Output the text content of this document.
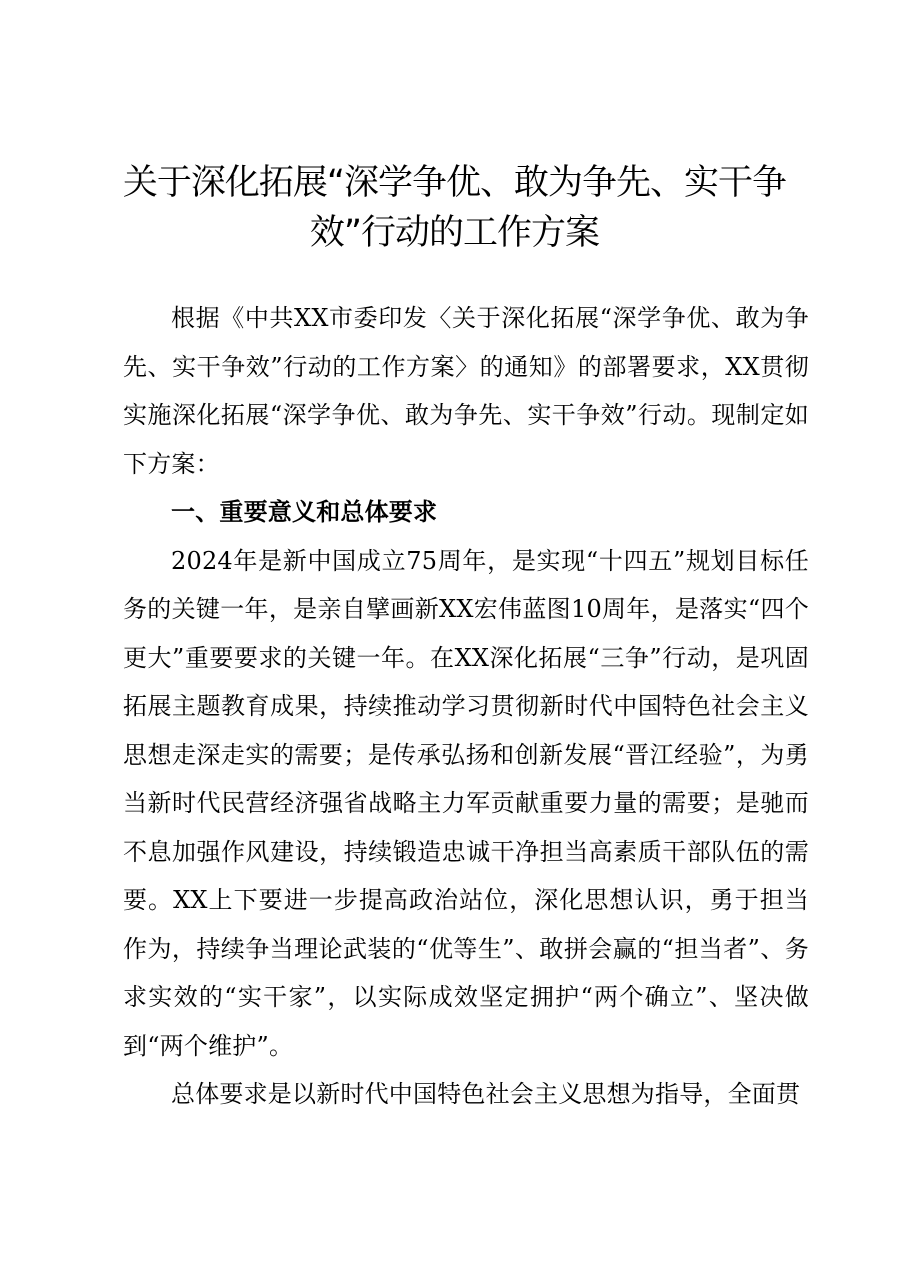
关于深化拓展“深学争优、敢为争先、实干争
效”行动的工作方案

根据《中共XX市委印发〈关于深化拓展“深学争优、敢为争先、实干争效”行动的工作方案〉的通知》的部署要求，XX贯彻实施深化拓展“深学争优、敢为争先、实干争效”行动。现制定如下方案：

一、重要意义和总体要求

2024年是新中国成立75周年，是实现“十四五”规划目标任务的关键一年，是亲自擘画新XX宏伟蓝图10周年，是落实“四个更大”重要要求的关键一年。在XX深化拓展“三争”行动，是巩固拓展主题教育成果，持续推动学习贯彻新时代中国特色社会主义思想走深走实的需要；是传承弘扬和创新发展“晋江经验”，为勇当新时代民营经济强省战略主力军贡献重要力量的需要；是驰而不息加强作风建设，持续锻造忠诚干净担当高素质干部队伍的需要。XX上下要进一步提高政治站位，深化思想认识，勇于担当作为，持续争当理论武装的“优等生”、敢拼会赢的“担当者”、务求实效的“实干家”，以实际成效坚定拥护“两个确立”、坚决做到“两个维护”。

总体要求是以新时代中国特色社会主义思想为指导，全面贯
